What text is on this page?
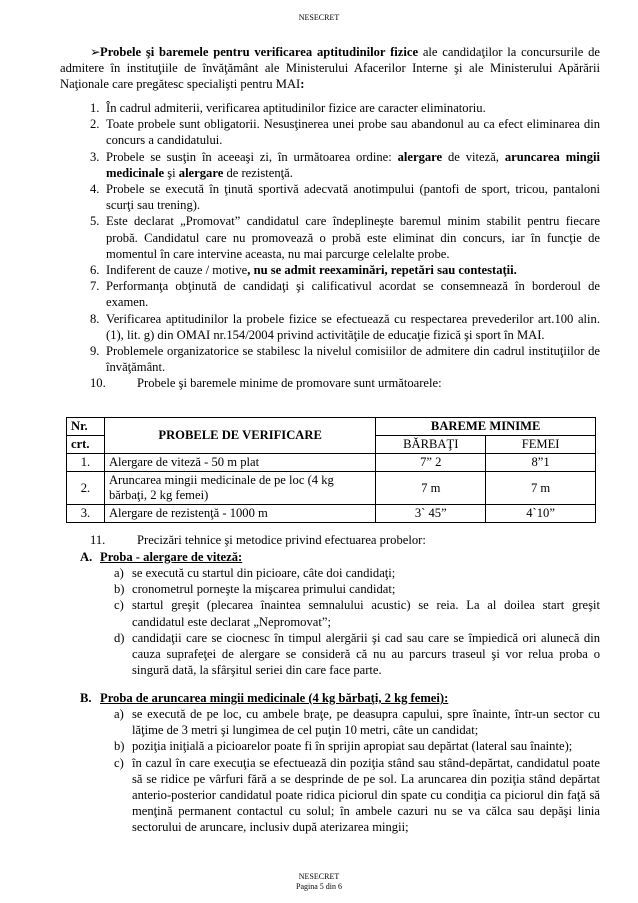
NESECRET
➢Probele şi baremele pentru verificarea aptitudinilor fizice ale candidaţilor la concursurile de admitere în instituţiile de învăţământ ale Ministerului Afacerilor Interne şi ale Ministerului Apărării Naţionale care pregătesc specialişti pentru MAI:
1. În cadrul admiterii, verificarea aptitudinilor fizice are caracter eliminatoriu.
2. Toate probele sunt obligatorii. Nesusţinerea unei probe sau abandonul au ca efect eliminarea din concurs a candidatului.
3. Probele se susţin în aceeaşi zi, în următoarea ordine: alergare de viteză, aruncarea mingii medicinale şi alergare de rezistenţă.
4. Probele se execută în ţinută sportivă adecvată anotimpului (pantofi de sport, tricou, pantaloni scurţi sau trening).
5. Este declarat „Promovat” candidatul care îndeplineşte baremul minim stabilit pentru fiecare probă. Candidatul care nu promovează o probă este eliminat din concurs, iar în funcţie de momentul în care intervine aceasta, nu mai parcurge celelalte probe.
6. Indiferent de cauze / motive, nu se admit reexaminări, repetări sau contestaţii.
7. Performanţa obţinută de candidaţi şi calificativul acordat se consemnează în borderoul de examen.
8. Verificarea aptitudinilor la probele fizice se efectuează cu respectarea prevederilor art.100 alin.(1), lit. g) din OMAI nr.154/2004 privind activităţile de educaţie fizică şi sport în MAI.
9. Problemele organizatorice se stabilesc la nivelul comisiilor de admitere din cadrul instituţiilor de învăţământ.
10. Probele şi baremele minime de promovare sunt următoarele:
Nr.	PROBELE DE VERIFICARE	BAREME MINIME	
crt.		BĂRBAŢI	FEMEI
1.	Alergare de viteză - 50 m plat	7” 2	8”1
2.	Aruncarea mingii medicinale de pe loc (4 kg bărbaţi, 2 kg femei)	7 m	7 m
3.	Alergare de rezistenţă - 1000 m	3` 45”	4`10”
11.	Precizări tehnice şi metodice privind efectuarea probelor:
A. Proba - alergare de viteză:
a) se execută cu startul din picioare, câte doi candidaţi;
b) cronometrul porneşte la mişcarea primului candidat;
c) startul greşit (plecarea înaintea semnalului acustic) se reia. La al doilea start greşit candidatul este declarat „Nepromovat”;
d) candidaţii care se ciocnesc în timpul alergării şi cad sau care se împiedică ori alunecă din cauza suprafeţei de alergare se consideră că nu au parcurs traseul şi vor relua proba o singură dată, la sfârşitul seriei din care face parte.
B. Proba de aruncarea mingii medicinale (4 kg bărbaţi, 2 kg femei):
a) se execută de pe loc, cu ambele braţe, pe deasupra capului, spre înainte, într-un sector cu lăţime de 3 metri şi lungimea de cel puţin 10 metri, câte un candidat;
b) poziţia iniţială a picioarelor poate fi în sprijin apropiat sau depărtat (lateral sau înainte);
c) în cazul în care execuţia se efectuează din poziţia stând sau stând-depărtat, candidatul poate să se ridice pe vârfuri fără a se desprinde de pe sol. La aruncarea din poziţia stând depărtat anterio-posterior candidatul poate ridica piciorul din spate cu condiţia ca piciorul din faţă să menţină permanent contactul cu solul; în ambele cazuri nu se va călca sau depăşi linia sectorului de aruncare, inclusiv după aterizarea mingii;
NESECRET
Pagina 5 din 6
